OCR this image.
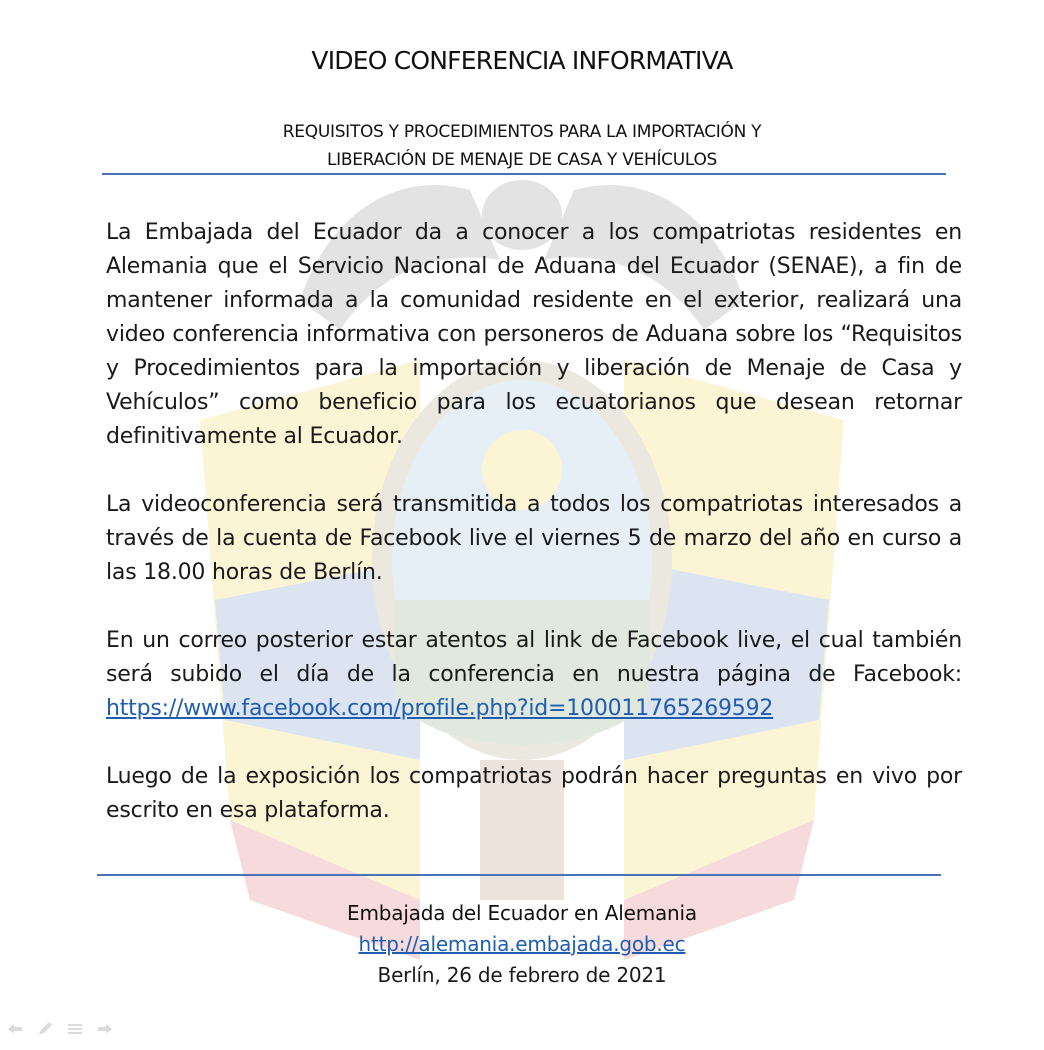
VIDEO CONFERENCIA INFORMATIVA
REQUISITOS Y PROCEDIMIENTOS PARA LA IMPORTACIÓN Y
LIBERACIÓN DE MENAJE DE CASA Y VEHÍCULOS

La Embajada del Ecuador da a conocer a los compatriotas residentes en Alemania que el Servicio Nacional de Aduana del Ecuador (SENAE), a fin de mantener informada a la comunidad residente en el exterior, realizará una video conferencia informativa con personeros de Aduana sobre los “Requisitos y Procedimientos para la importación y liberación de Menaje de Casa y Vehículos” como beneficio para los ecuatorianos que desean retornar definitivamente al Ecuador.

La videoconferencia será transmitida a todos los compatriotas interesados a través de la cuenta de Facebook live el viernes 5 de marzo del año en curso a las 18.00 horas de Berlín.

En un correo posterior estar atentos al link de Facebook live, el cual también será subido el día de la conferencia en nuestra página de Facebook: https://www.facebook.com/profile.php?id=100011765269592

Luego de la exposición los compatriotas podrán hacer preguntas en vivo por escrito en esa plataforma.

Embajada del Ecuador en Alemania
http://alemania.embajada.gob.ec
Berlín, 26 de febrero de 2021
